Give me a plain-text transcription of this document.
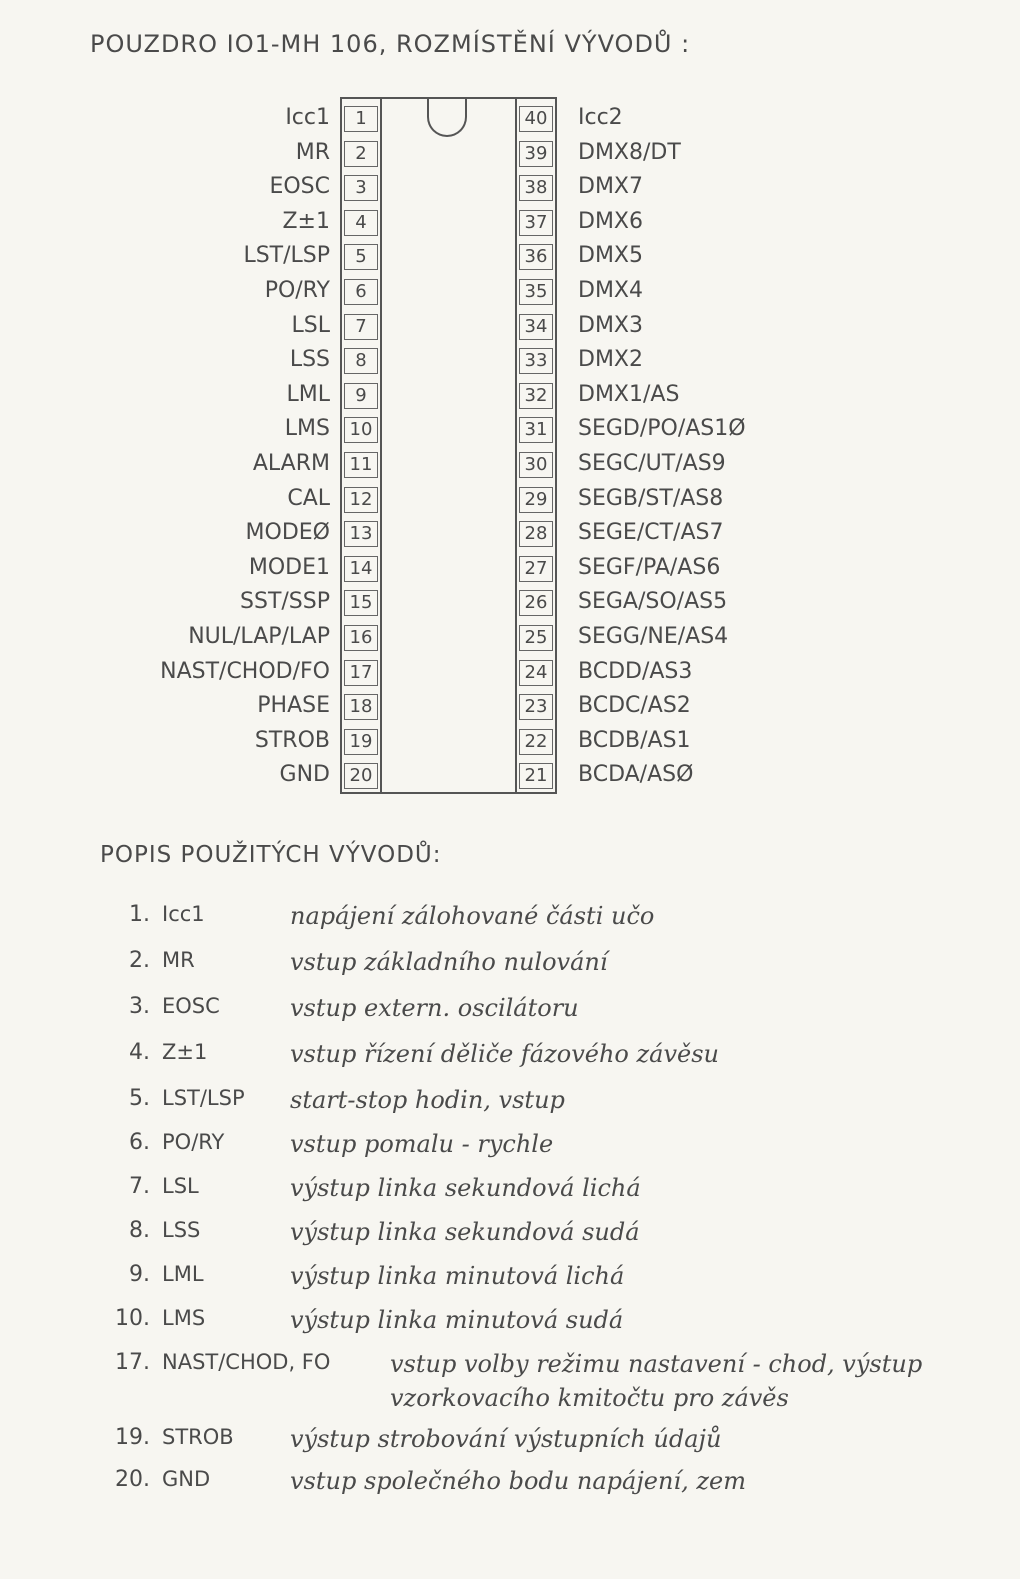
POUZDRO IO1-MH 106, ROZMÍSTĚNÍ VÝVODŮ :
1
Icc1
2
MR
3
EOSC
4
Z±1
5
LST/LSP
6
PO/RY
7
LSL
8
LSS
9
LML
10
LMS
11
ALARM
12
CAL
13
MODEØ
14
MODE1
15
SST/SSP
16
NUL/LAP/LAP
17
NAST/CHOD/FO
18
PHASE
19
STROB
20
GND
40 Icc2
39 DMX8/DT
38 DMX7
37 DMX6
36 DMX5
35 DMX4
34 DMX3
33 DMX2
32 DMX1/AS
31 SEGD/PO/AS1Ø
30 SEGC/UT/AS9
29 SEGB/ST/AS8
28 SEGE/CT/AS7
27 SEGF/PA/AS6
26 SEGA/SO/AS5
25 SEGG/NE/AS4
24 BCDD/AS3
23 BCDC/AS2
22 BCDB/AS1
21 BCDA/ASØ
POPIS POUŽITÝCH VÝVODŮ:
1. Icc1	napájení zálohované části učo
2. MR	vstup základního nulování
3. EOSC	vstup extern. oscilátoru
4. Z±1	vstup řízení děliče fázového závěsu
5. LST/LSP start-stop hodin, vstup
6. PO/RY	vstup pomalu - rychle
7. LSL	výstup linka sekundová lichá
8. LSS	výstup linka sekundová sudá
9. LML	výstup linka minutová lichá
10. LMS	výstup linka minutová sudá
17. NAST/CHOD, FO vstup volby režimu nastavení - chod, výstup
vzorkovacího kmitočtu pro závěs
19. STROB výstup strobování výstupních údajů
20. GND	vstup společného bodu napájení, zem
